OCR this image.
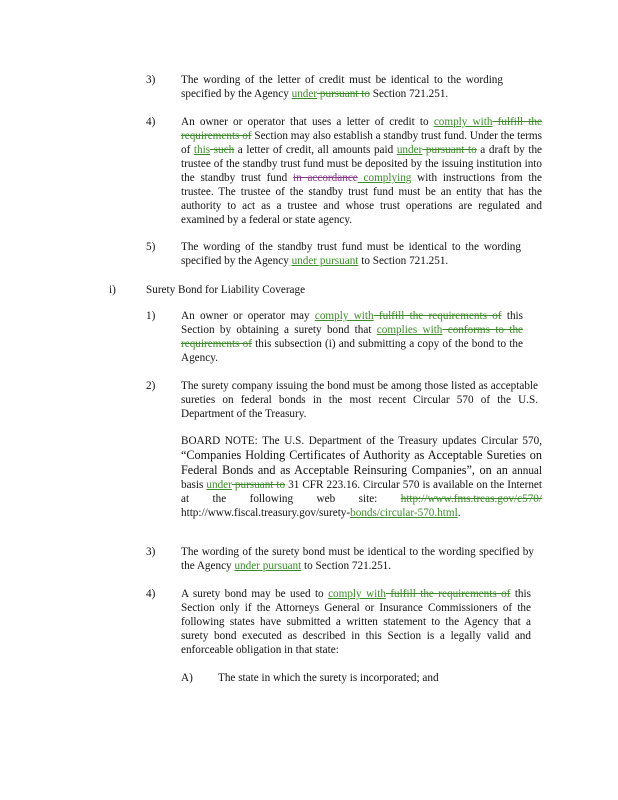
3) The wording of the letter of credit must be identical to the wording specified by the Agency under pursuant to Section 721.251.
4) An owner or operator that uses a letter of credit to comply with fulfill the requirements of Section may also establish a standby trust fund. Under the terms of this such a letter of credit, all amounts paid under pursuant to a draft by the trustee of the standby trust fund must be deposited by the issuing institution into the standby trust fund in accordance complying with instructions from the trustee. The trustee of the standby trust fund must be an entity that has the authority to act as a trustee and whose trust operations are regulated and examined by a federal or state agency.
5) The wording of the standby trust fund must be identical to the wording specified by the Agency under pursuant to Section 721.251.
i)	Surety Bond for Liability Coverage
1) An owner or operator may comply with fulfill the requirements of this Section by obtaining a surety bond that complies with conforms to the requirements of this subsection (i) and submitting a copy of the bond to the Agency.
2) The surety company issuing the bond must be among those listed as acceptable sureties on federal bonds in the most recent Circular 570 of the U.S. Department of the Treasury.
BOARD NOTE: The U.S. Department of the Treasury updates Circular 570, “Companies Holding Certificates of Authority as Acceptable Sureties on Federal Bonds and as Acceptable Reinsuring Companies”, on an annual basis under pursuant to 31 CFR 223.16. Circular 570 is available on the Internet at the following web site: http://www.fms.treas.gov/c570/ http://www.fiscal.treasury.gov/surety-bonds/circular-570.html.
3) The wording of the surety bond must be identical to the wording specified by the Agency under pursuant to Section 721.251.
4) A surety bond may be used to comply with fulfill the requirements of this Section only if the Attorneys General or Insurance Commissioners of the following states have submitted a written statement to the Agency that a surety bond executed as described in this Section is a legally valid and enforceable obligation in that state:
A) The state in which the surety is incorporated; and
